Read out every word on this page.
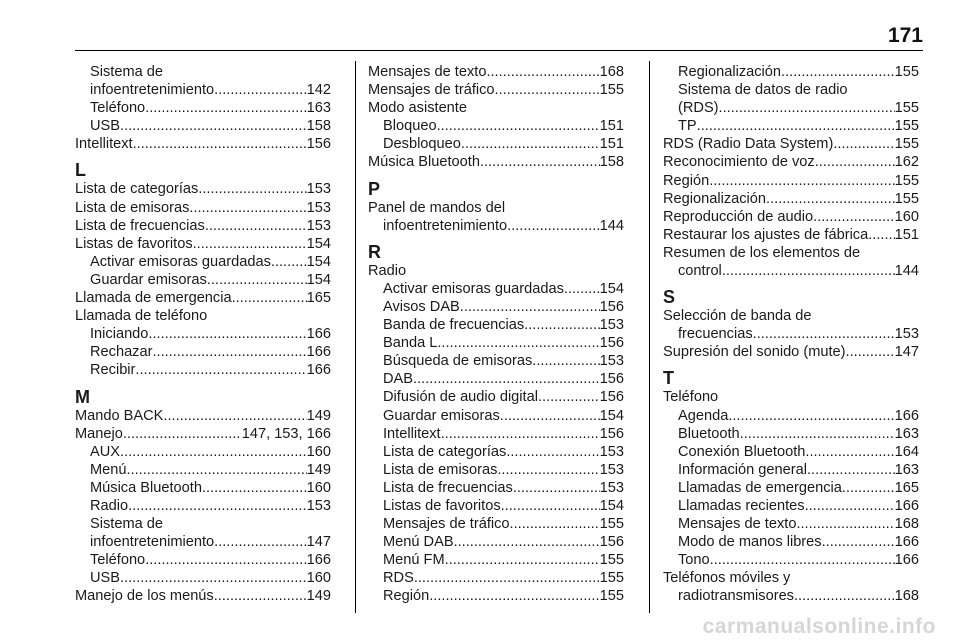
171
Sistema de
infoentretenimiento .....	142
Teléfono .....	163
USB .....	158
Intellitext .....	156
L
Lista de categorías .....	153
Lista de emisoras .....	153
Lista de frecuencias .....	153
Listas de favoritos .....	154
Activar emisoras guardadas ..... 154
Guardar emisoras .....	154
Llamada de emergencia .....	165
Llamada de teléfono
Iniciando .....	166
Rechazar .....	166
Recibir .....	166
M
Mando BACK .....	149
Manejo .....	147, 153, 166
AUX .....	160
Menú .....	149
Música Bluetooth .....	160
Radio .....	153
Sistema de
infoentretenimiento .....	147
Teléfono .....	166
USB .....	160
Manejo de los menús .....	149
Mensajes de texto .....	168
Mensajes de tráfico .....	155
Modo asistente
Bloqueo .....	151
Desbloqueo .....	151
Música Bluetooth .....	158
P
Panel de mandos del
infoentretenimiento .....	144
R
Radio
Activar emisoras guardadas ..... 154
Avisos DAB .....	156
Banda de frecuencias .....	153
Banda L .....	156
Búsqueda de emisoras .....	153
DAB .....	156
Difusión de audio digital .....	156
Guardar emisoras .....	154
Intellitext .....	156
Lista de categorías .....	153
Lista de emisoras .....	153
Lista de frecuencias .....	153
Listas de favoritos .....	154
Mensajes de tráfico .....	155
Menú DAB .....	156
Menú FM .....	155
RDS .....	155
Región .....	155
Regionalización .....	155
Sistema de datos de radio
(RDS) .....	155
TP .....	155
RDS (Radio Data System) .....	155
Reconocimiento de voz .....	162
Región .....	155
Regionalización .....	155
Reproducción de audio .....	160
Restaurar los ajustes de fábrica ..... 151
Resumen de los elementos de
control .....	144
S
Selección de banda de
frecuencias .....	153
Supresión del sonido (mute) .....	147
T
Teléfono
Agenda .....	166
Bluetooth .....	163
Conexión Bluetooth .....	164
Información general .....	163
Llamadas de emergencia .....	165
Llamadas recientes .....	166
Mensajes de texto .....	168
Modo de manos libres .....	166
Tono .....	166
Teléfonos móviles y
radiotransmisores .....	168
carmanualsonline.info
